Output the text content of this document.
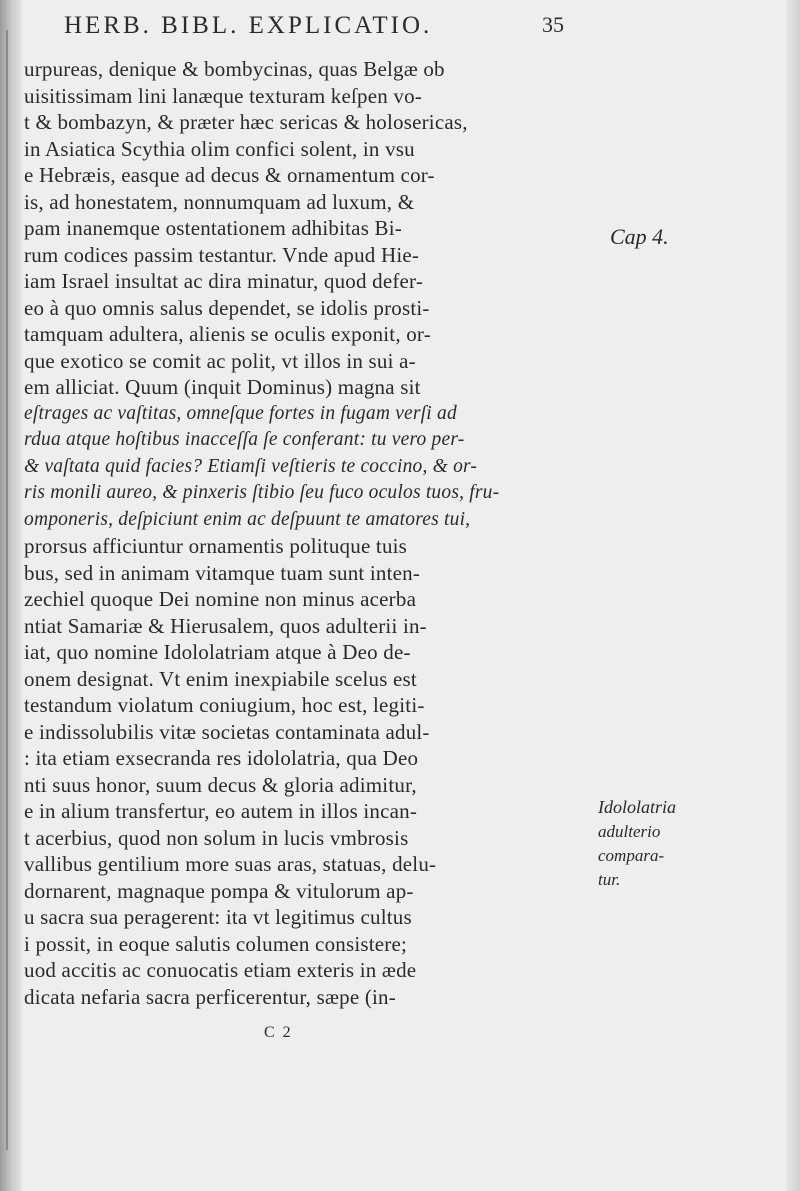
HERB. BIBL. EXPLICATIO.	35
urpureas, denique & bombycinas, quas Belgæ ob
uisitissimam lini lanæque texturam keſpen vo-
t & bombazyn, & præter hæc sericas & holosericas,
in Asiatica Scythia olim confici solent, in vsu
e Hebræis, easque ad decus & ornamentum cor-
is, ad honestatem, nonnumquam ad luxum, &
pam inanemque ostentationem adhibitas Bi-
rum codices passim testantur. Vnde apud Hie-
iam Israel insultat ac dira minatur, quod defer-
eo à quo omnis salus dependet, se idolis prosti-
tamquam adultera, alienis se oculis exponit, or-
que exotico se comit ac polit, vt illos in sui a-
em alliciat. Quum (inquit Dominus) magna sit
eſtrages ac vaſtitas, omneſque fortes in fugam verſi ad
rdua atque hoſtibus inacceſſa ſe conferant: tu vero per-
& vaſtata quid facies? Etiamſi veſtieris te coccino, & or-
ris monili aureo, & pinxeris ſtibio ſeu fuco oculos tuos, fru-
omponeris, deſpiciunt enim ac deſpuunt te amatores tui,
prorsus afficiuntur ornamentis polituque tuis
bus, sed in animam vitamque tuam sunt inten-
zechiel quoque Dei nomine non minus acerba
ntiat Samariæ & Hierusalem, quos adulterii in-
iat, quo nomine Idololatriam atque à Deo de-
onem designat. Vt enim inexpiabile scelus est
testandum violatum coniugium, hoc est, legiti-
e indissolubilis vitæ societas contaminata adul-
: ita etiam exsecranda res idololatria, qua Deo
nti suus honor, suum decus & gloria adimitur,
e in alium transfertur, eo autem in illos incan-
t acerbius, quod non solum in lucis vmbrosis
vallibus gentilium more suas aras, statuas, delu-
dornarent, magnaque pompa & vitulorum ap-
u sacra sua peragerent: ita vt legitimus cultus
i possit, in eoque salutis columen consistere;
uod accitis ac conuocatis etiam exteris in æde
dicata nefaria sacra perficerentur, sæpe (in-
Cap 4.
Idololatria
adulterio
compara-
tur.
C 2
